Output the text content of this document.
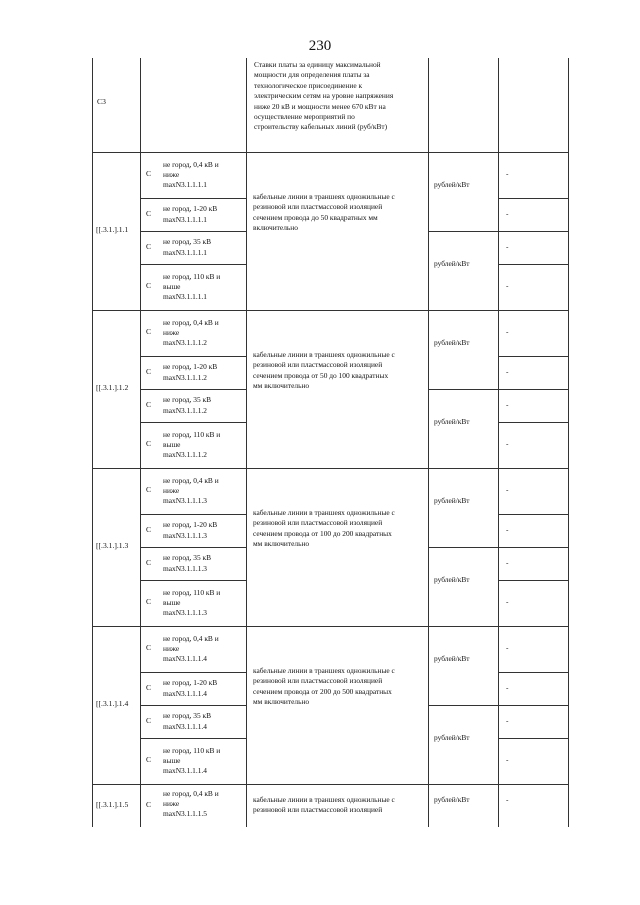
230
С3
Ставки платы за единицу максимальной
мощности для определения платы за
технологическое присоединение к
электрическим сетям на уровне напряжения
ниже 20 кВ и мощности менее 670 кВт на
осуществление мероприятий по
строительству кабельных линий (руб/кВт)
[[.3.1.].1.1
С
не город, 0,4 кВ и
ниже
maxN3.1.1.1.1
-
С не город, 1-20 кВ
maxN3.1.1.1.1
-
С не город, 35 кВ
maxN3.1.1.1.1
-
С
не город, 110 кВ и
выше
maxN3.1.1.1.1
-
кабельные линии в траншеях одножильные с
резиновой или пластмассовой изоляцией
сечением провода до 50 квадратных мм
включительно
рублей/кВт
рублей/кВт
[[.3.1.].1.2
С
не город, 0,4 кВ и
ниже
maxN3.1.1.1.2
-
С не город, 1-20 кВ
maxN3.1.1.1.2
-
С не город, 35 кВ
maxN3.1.1.1.2
-
С
не город, 110 кВ и
выше
maxN3.1.1.1.2
-
кабельные линии в траншеях одножильные с
резиновой или пластмассовой изоляцией
сечением провода от 50 до 100 квадратных
мм включительно
рублей/кВт
рублей/кВт
[[.3.1.].1.3
С
не город, 0,4 кВ и
ниже
maxN3.1.1.1.3
-
С не город, 1-20 кВ
maxN3.1.1.1.3
-
С не город, 35 кВ
maxN3.1.1.1.3
-
С
не город, 110 кВ и
выше
maxN3.1.1.1.3
-
кабельные линии в траншеях одножильные с
резиновой или пластмассовой изоляцией
сечением провода от 100 до 200 квадратных
мм включительно
рублей/кВт
рублей/кВт
[[.3.1.].1.4
С
не город, 0,4 кВ и
ниже
maxN3.1.1.1.4
-
С не город, 1-20 кВ
maxN3.1.1.1.4
-
С не город, 35 кВ
maxN3.1.1.1.4
-
С
не город, 110 кВ и
выше
maxN3.1.1.1.4
-
кабельные линии в траншеях одножильные с
резиновой или пластмассовой изоляцией
сечением провода от 200 до 500 квадратных
мм включительно
рублей/кВт
рублей/кВт
[[.3.1.].1.5 С
не город, 0,4 кВ и
ниже
maxN3.1.1.1.5
кабельные линии в траншеях одножильные с
резиновой или пластмассовой изоляцией
рублей/кВт	-
